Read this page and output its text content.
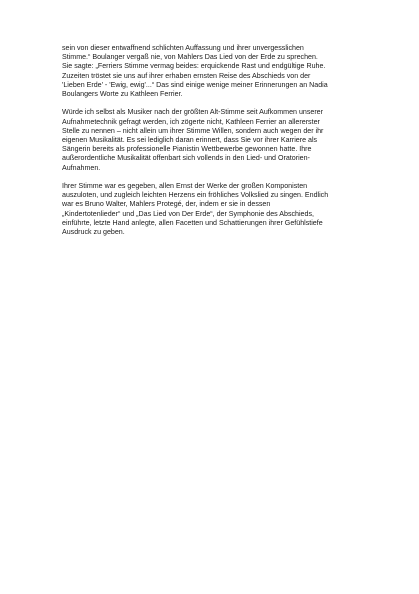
sein von dieser entwaffnend schlichten Auffassung und ihrer unvergesslichen
Stimme.“ Boulanger vergaß nie, von Mahlers Das Lied von der Erde zu sprechen.
Sie sagte: „Ferriers Stimme vermag beides: erquickende Rast und endgültige Ruhe.
Zuzeiten tröstet sie uns auf ihrer erhaben ernsten Reise des Abschieds von der
'Lieben Erde' - 'Ewig, ewig'...“ Das sind einige wenige meiner Erinnerungen an Nadia
Boulangers Worte zu Kathleen Ferrier.

Würde ich selbst als Musiker nach der größten Alt-Stimme seit Aufkommen unserer
Aufnahmetechnik gefragt werden, ich zögerte nicht, Kathleen Ferrier an allererster
Stelle zu nennen – nicht allein um ihrer Stimme Willen, sondern auch wegen der ihr
eigenen Musikalität. Es sei lediglich daran erinnert, dass Sie vor ihrer Karriere als
Sängerin bereits als professionelle Pianistin Wettbewerbe gewonnen hatte. Ihre
außerordentliche Musikalität offenbart sich vollends in den Lied- und Oratorien-
Aufnahmen.

Ihrer Stimme war es gegeben, allen Ernst der Werke der großen Komponisten
auszuloten, und zugleich leichten Herzens ein fröhliches Volkslied zu singen. Endlich
war es Bruno Walter, Mahlers Protegé, der, indem er sie in dessen
„Kindertotenlieder“ und „Das Lied von Der Erde“, der Symphonie des Abschieds,
einführte, letzte Hand anlegte, allen Facetten und Schattierungen ihrer Gefühlstiefe
Ausdruck zu geben.
